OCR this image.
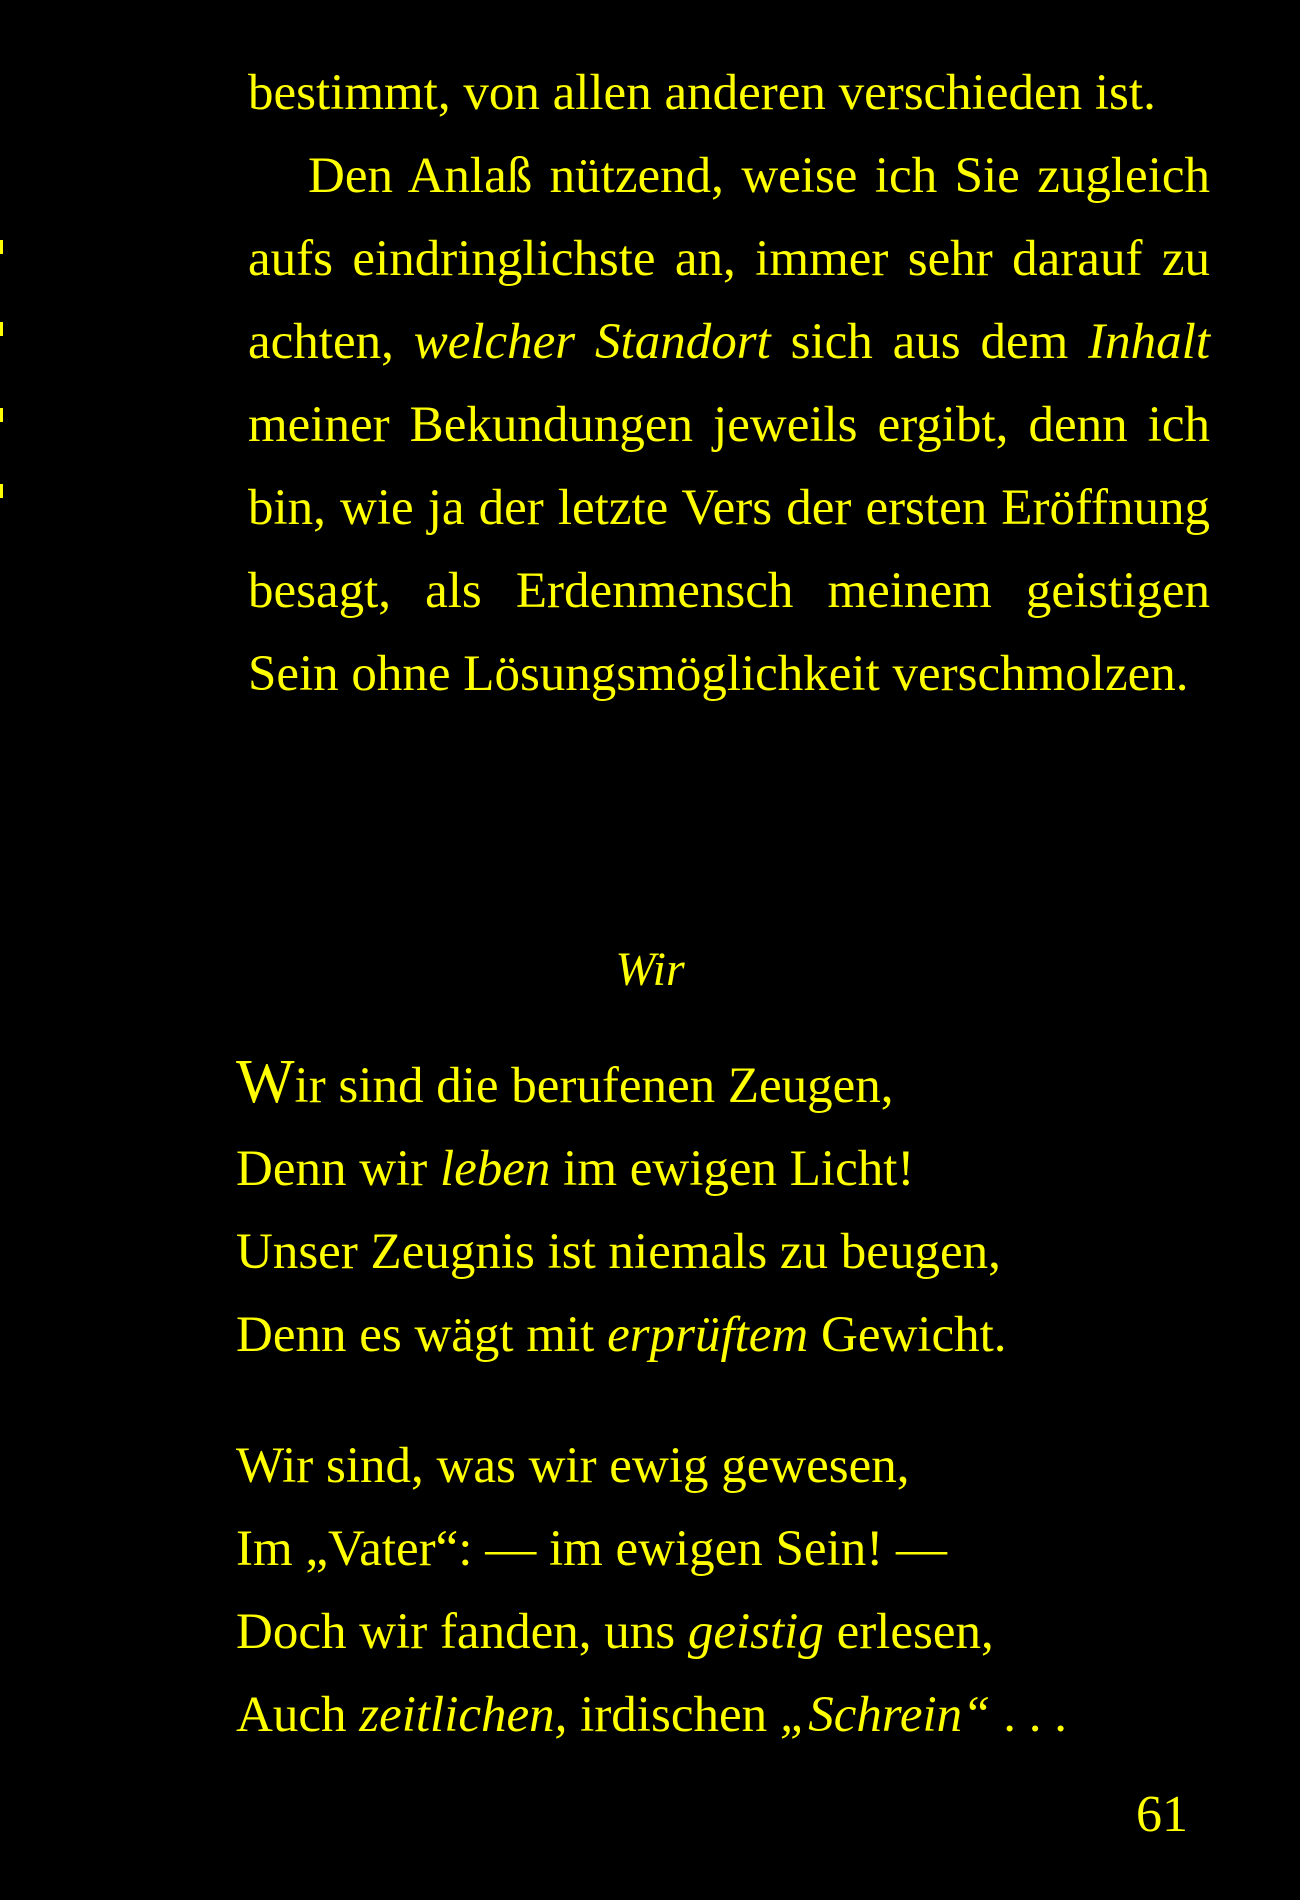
bestimmt, von allen anderen verschieden ist.

Den Anlaß nützend, weise ich Sie zugleich aufs eindringlichste an, immer sehr darauf zu achten, welcher Standort sich aus dem Inhalt meiner Bekundungen jeweils ergibt, denn ich bin, wie ja der letzte Vers der ersten Eröffnung besagt, als Erdenmensch meinem geistigen Sein ohne Lösungsmöglichkeit verschmolzen.

Wir
Wir sind die berufenen Zeugen,
Denn wir leben im ewigen Licht!
Unser Zeugnis ist niemals zu beugen,
Denn es wägt mit erprüftem Gewicht.
Wir sind, was wir ewig gewesen,
Im „Vater“: — im ewigen Sein! —
Doch wir fanden, uns geistig erlesen,
Auch zeitlichen, irdischen „Schrein“ . . .
61
